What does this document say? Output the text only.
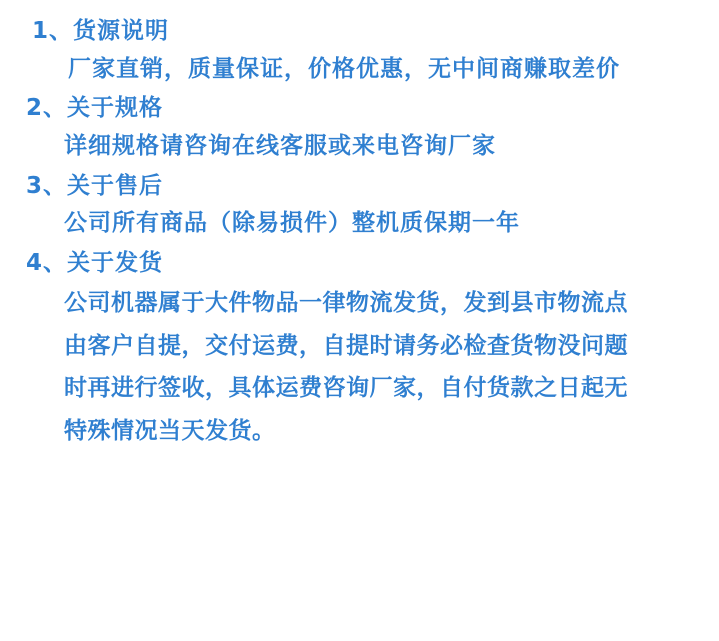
1、货源说明

厂家直销，质量保证，价格优惠，无中间商赚取差价

2、关于规格

详细规格请咨询在线客服或来电咨询厂家

3、关于售后

公司所有商品（除易损件）整机质保期一年

4、关于发货

公司机器属于大件物品一律物流发货，发到县市物流点
由客户自提，交付运费，自提时请务必检查货物没问题
时再进行签收，具体运费咨询厂家，自付货款之日起无
特殊情况当天发货。
